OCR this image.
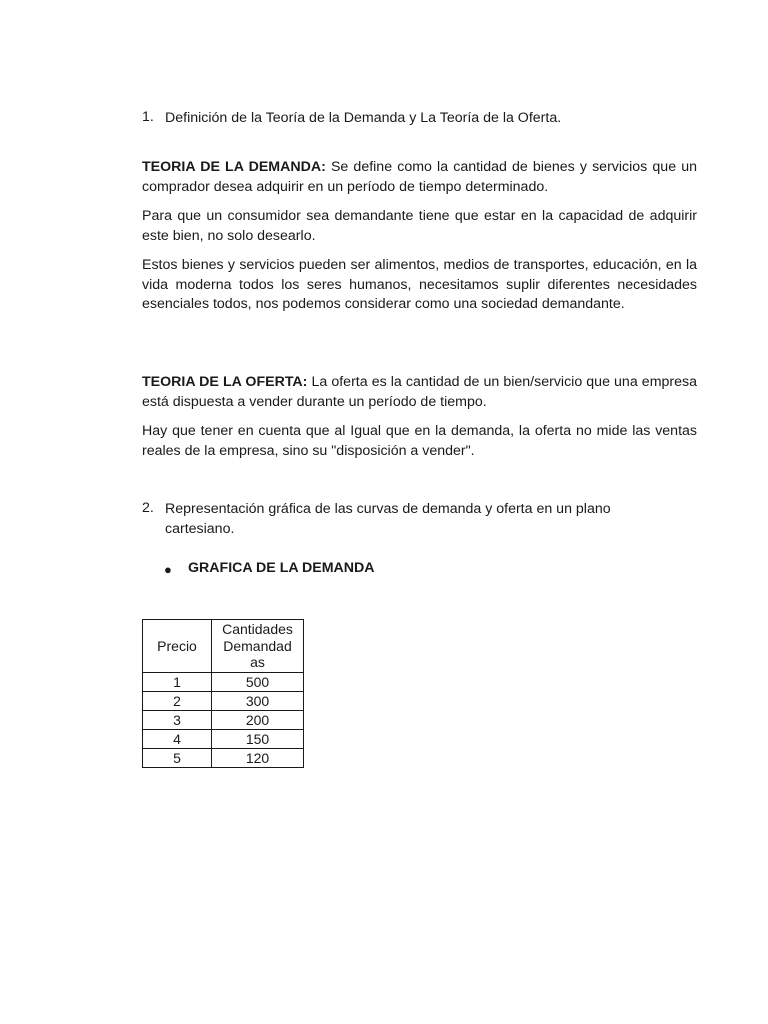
1. Definición de la Teoría de la Demanda y La Teoría de la Oferta.
TEORIA DE LA DEMANDA: Se define como la cantidad de bienes y servicios que un comprador desea adquirir en un período de tiempo determinado.
Para que un consumidor sea demandante tiene que estar en la capacidad de adquirir este bien, no solo desearlo.
Estos bienes y servicios pueden ser alimentos, medios de transportes, educación, en la vida moderna todos los seres humanos, necesitamos suplir diferentes necesidades esenciales todos, nos podemos considerar como una sociedad demandante.
TEORIA DE LA OFERTA: La oferta es la cantidad de un bien/servicio que una empresa está dispuesta a vender durante un período de tiempo.
Hay que tener en cuenta que al Igual que en la demanda, la oferta no mide las ventas reales de la empresa, sino su "disposición a vender".
2. Representación gráfica de las curvas de demanda y oferta en un plano cartesiano.
● GRAFICA DE LA DEMANDA
Precio	Cantidades Demandad as
1	500
2	300
3	200
4	150
5	120
